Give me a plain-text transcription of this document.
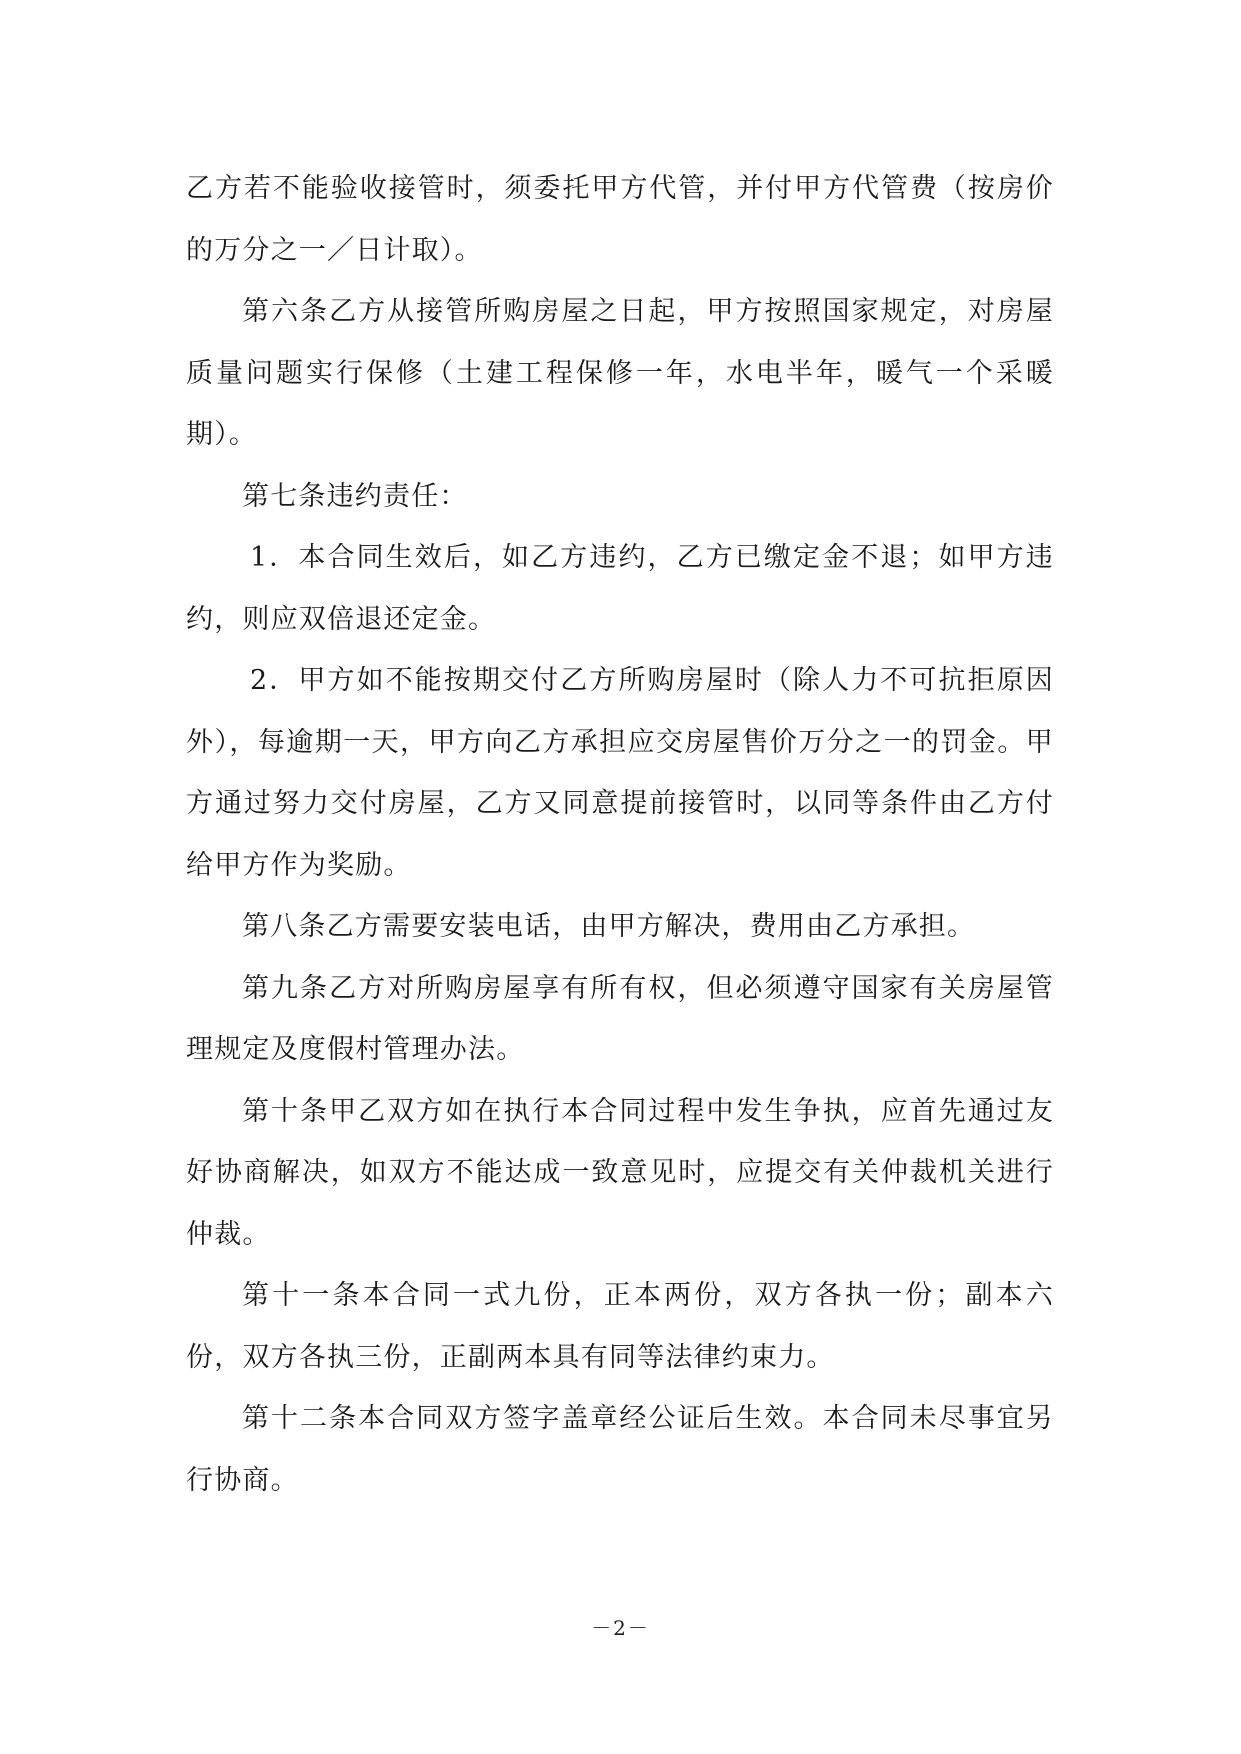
乙方若不能验收接管时，须委托甲方代管，并付甲方代管费（按房价的万分之一／日计取）。

第六条乙方从接管所购房屋之日起，甲方按照国家规定，对房屋质量问题实行保修（土建工程保修一年，水电半年，暖气一个采暖期）。

第七条违约责任：

1．本合同生效后，如乙方违约，乙方已缴定金不退；如甲方违约，则应双倍退还定金。

2．甲方如不能按期交付乙方所购房屋时（除人力不可抗拒原因外），每逾期一天，甲方向乙方承担应交房屋售价万分之一的罚金。甲方通过努力交付房屋，乙方又同意提前接管时，以同等条件由乙方付给甲方作为奖励。

第八条乙方需要安装电话，由甲方解决，费用由乙方承担。

第九条乙方对所购房屋享有所有权，但必须遵守国家有关房屋管理规定及度假村管理办法。

第十条甲乙双方如在执行本合同过程中发生争执，应首先通过友好协商解决，如双方不能达成一致意见时，应提交有关仲裁机关进行仲裁。

第十一条本合同一式九份，正本两份，双方各执一份；副本六份，双方各执三份，正副两本具有同等法律约束力。

第十二条本合同双方签字盖章经公证后生效。本合同未尽事宜另行协商。

－2－
